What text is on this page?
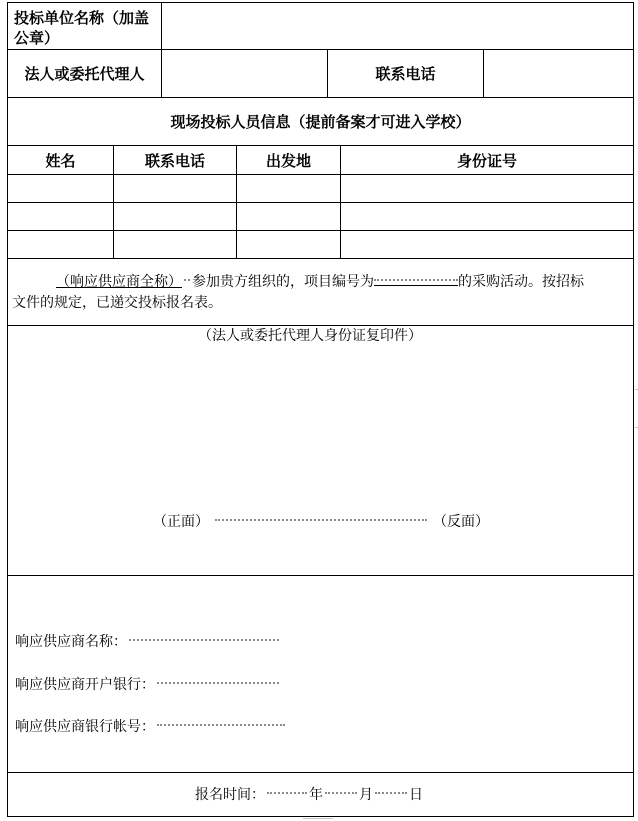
投标单位名称（加盖
公章）
法人或委托代理人	联系电话
现场投标人员信息（提前备案才可进入学校）
姓名	联系电话	出发地	身份证号
（响应供应商全称） 参加贵方组织的，项目编号为	的采购活动。按招标
文件的规定，已递交投标报名表。
（法人或委托代理人身份证复印件）
（正面）	（反面）
响应供应商名称：
响应供应商开户银行：
响应供应商银行帐号：
报名时间：	年	月	日
